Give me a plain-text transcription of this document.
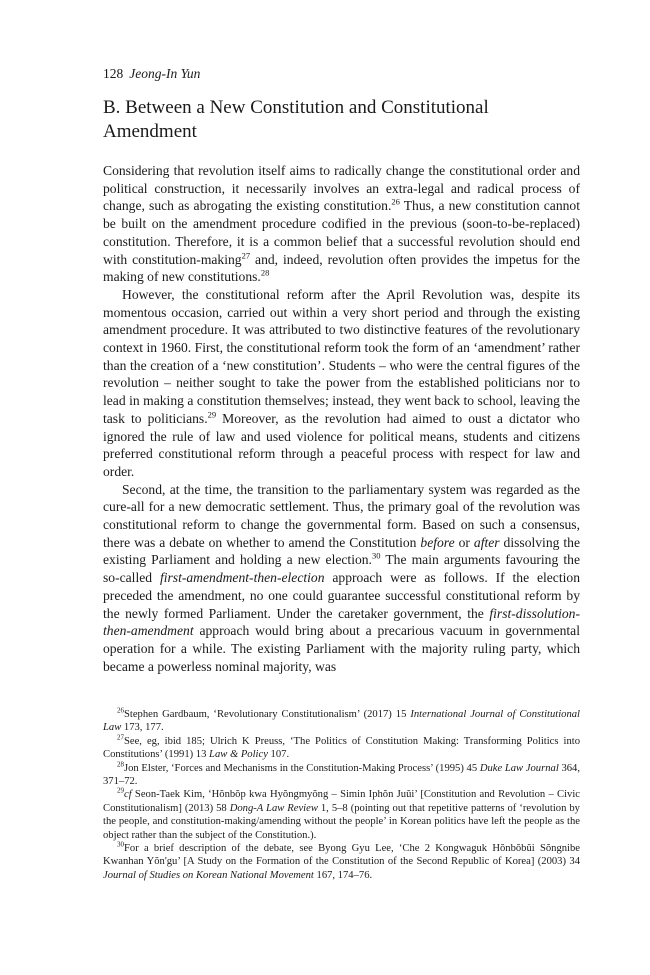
128 Jeong-In Yun
B. Between a New Constitution and Constitutional Amendment

Considering that revolution itself aims to radically change the constitutional order and political construction, it necessarily involves an extra-legal and radical process of change, such as abrogating the existing constitution.$^{26}$ Thus, a new constitution cannot be built on the amendment procedure codified in the previous (soon-to-be-replaced) constitution. Therefore, it is a common belief that a successful revolution should end with constitution-making$^{27}$ and, indeed, revolution often provides the impetus for the making of new constitutions.$^{28}$

However, the constitutional reform after the April Revolution was, despite its momentous occasion, carried out within a very short period and through the existing amendment procedure. It was attributed to two distinctive features of the revolutionary context in 1960. First, the constitutional reform took the form of an ‘amendment’ rather than the creation of a ‘new constitution’. Students – who were the central figures of the revolution – neither sought to take the power from the established politicians nor to lead in making a constitution themselves; instead, they went back to school, leaving the task to politicians.$^{29}$ Moreover, as the revolution had aimed to oust a dictator who ignored the rule of law and used violence for political means, students and citizens preferred constitutional reform through a peaceful process with respect for law and order.

Second, at the time, the transition to the parliamentary system was regarded as the cure-all for a new democratic settlement. Thus, the primary goal of the revolution was constitutional reform to change the governmental form. Based on such a consensus, there was a debate on whether to amend the Constitution before or after dissolving the existing Parliament and holding a new election.$^{30}$ The main arguments favouring the so-called first-amendment-then-election approach were as follows. If the election preceded the amendment, no one could guarantee successful constitutional reform by the newly formed Parliament. Under the caretaker government, the first-dissolution-then-amendment approach would bring about a precarious vacuum in governmental operation for a while. The existing Parliament with the majority ruling party, which became a powerless nominal majority, was

$^{26}$Stephen Gardbaum, ‘Revolutionary Constitutionalism’ (2017) 15 International Journal of Constitutional Law 173, 177.

$^{27}$See, eg, ibid 185; Ulrich K Preuss, ‘The Politics of Constitution Making: Transforming Politics into Constitutions’ (1991) 13 Law & Policy 107.

$^{28}$Jon Elster, ‘Forces and Mechanisms in the Constitution-Making Process’ (1995) 45 Duke Law Journal 364, 371–72.

$^{29}$cf Seon-Taek Kim, ‘Hŏnbŏp kwa Hyŏngmyŏng – Simin Iphŏn Juŭi’ [Constitution and Revolution – Civic Constitutionalism] (2013) 58 Dong-A Law Review 1, 5–8 (pointing out that repetitive patterns of ‘revolution by the people, and constitution-making/amending without the people’ in Korean politics have left the people as the object rather than the subject of the Constitution.).

$^{30}$For a brief description of the debate, see Byong Gyu Lee, ‘Che 2 Kongwaguk Hŏnbŏbŭi Sŏngnibe Kwanhan Yŏn'gu’ [A Study on the Formation of the Constitution of the Second Republic of Korea] (2003) 34 Journal of Studies on Korean National Movement 167, 174–76.
